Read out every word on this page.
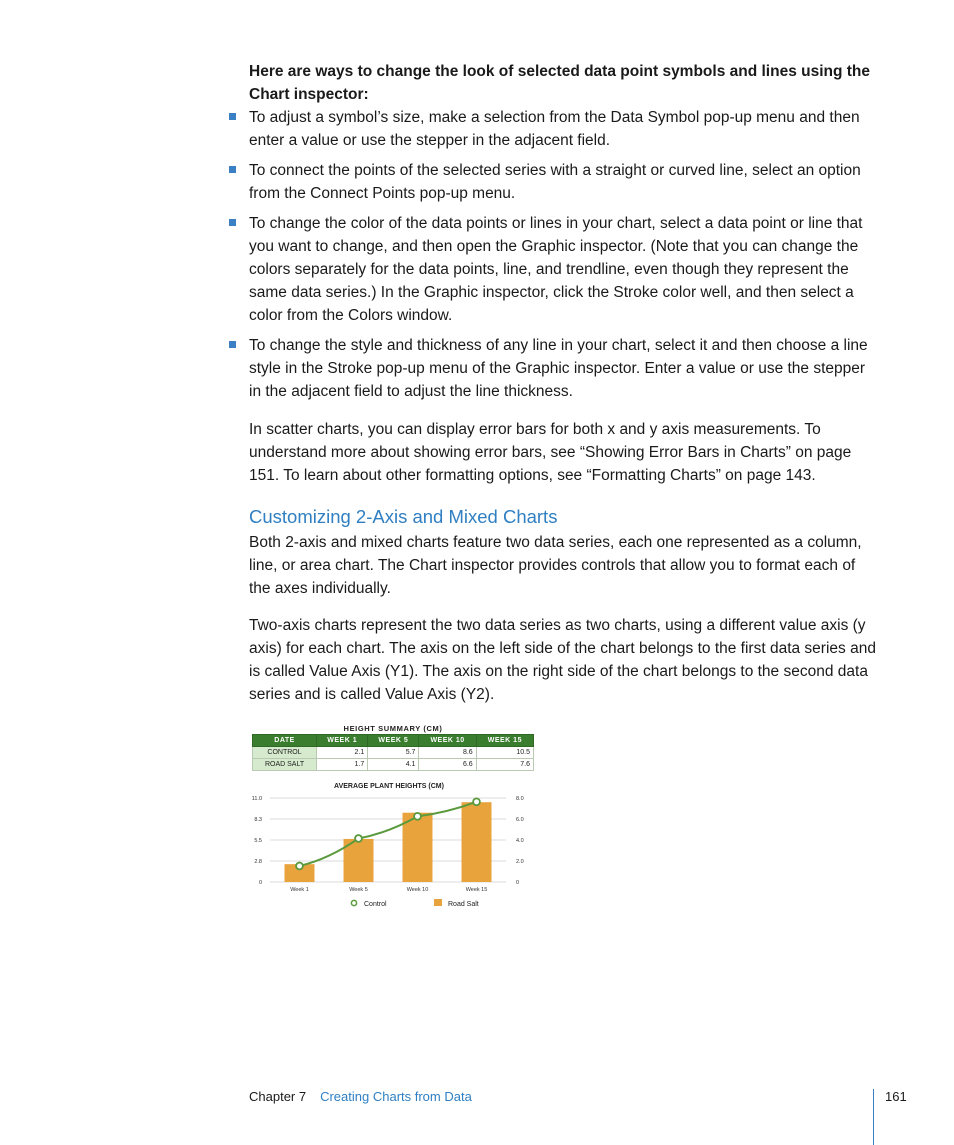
Here are ways to change the look of selected data point symbols and lines using the Chart inspector:
To adjust a symbol’s size, make a selection from the Data Symbol pop-up menu and then enter a value or use the stepper in the adjacent field.
To connect the points of the selected series with a straight or curved line, select an option from the Connect Points pop-up menu.
To change the color of the data points or lines in your chart, select a data point or line that you want to change, and then open the Graphic inspector. (Note that you can change the colors separately for the data points, line, and trendline, even though they represent the same data series.) In the Graphic inspector, click the Stroke color well, and then select a color from the Colors window.
To change the style and thickness of any line in your chart, select it and then choose a line style in the Stroke pop-up menu of the Graphic inspector. Enter a value or use the stepper in the adjacent field to adjust the line thickness.

In scatter charts, you can display error bars for both x and y axis measurements. To understand more about showing error bars, see “Showing Error Bars in Charts” on page 151. To learn about other formatting options, see “Formatting Charts” on page 143.

Customizing 2-Axis and Mixed Charts

Both 2-axis and mixed charts feature two data series, each one represented as a column, line, or area chart. The Chart inspector provides controls that allow you to format each of the axes individually.

Two-axis charts represent the two data series as two charts, using a different value axis (y axis) for each chart. The axis on the left side of the chart belongs to the first data series and is called Value Axis (Y1). The axis on the right side of the chart belongs to the second data series and is called Value Axis (Y2).

HEIGHT SUMMARY (CM)
DATE	WEEK 1	WEEK 5	WEEK 10	WEEK 15
CONTROL	2.1	5.7	8.6	10.5
ROAD SALT	1.7	4.1	6.6	7.6
AVERAGE PLANT HEIGHTS (CM)
11.0	8.0
8.3	6.0
5.5	4.0
2.8	2.0
0	0
Week 1	Week 5	Week 10	Week 15
Control	Road Salt
Chapter 7 Creating Charts from Data	161
